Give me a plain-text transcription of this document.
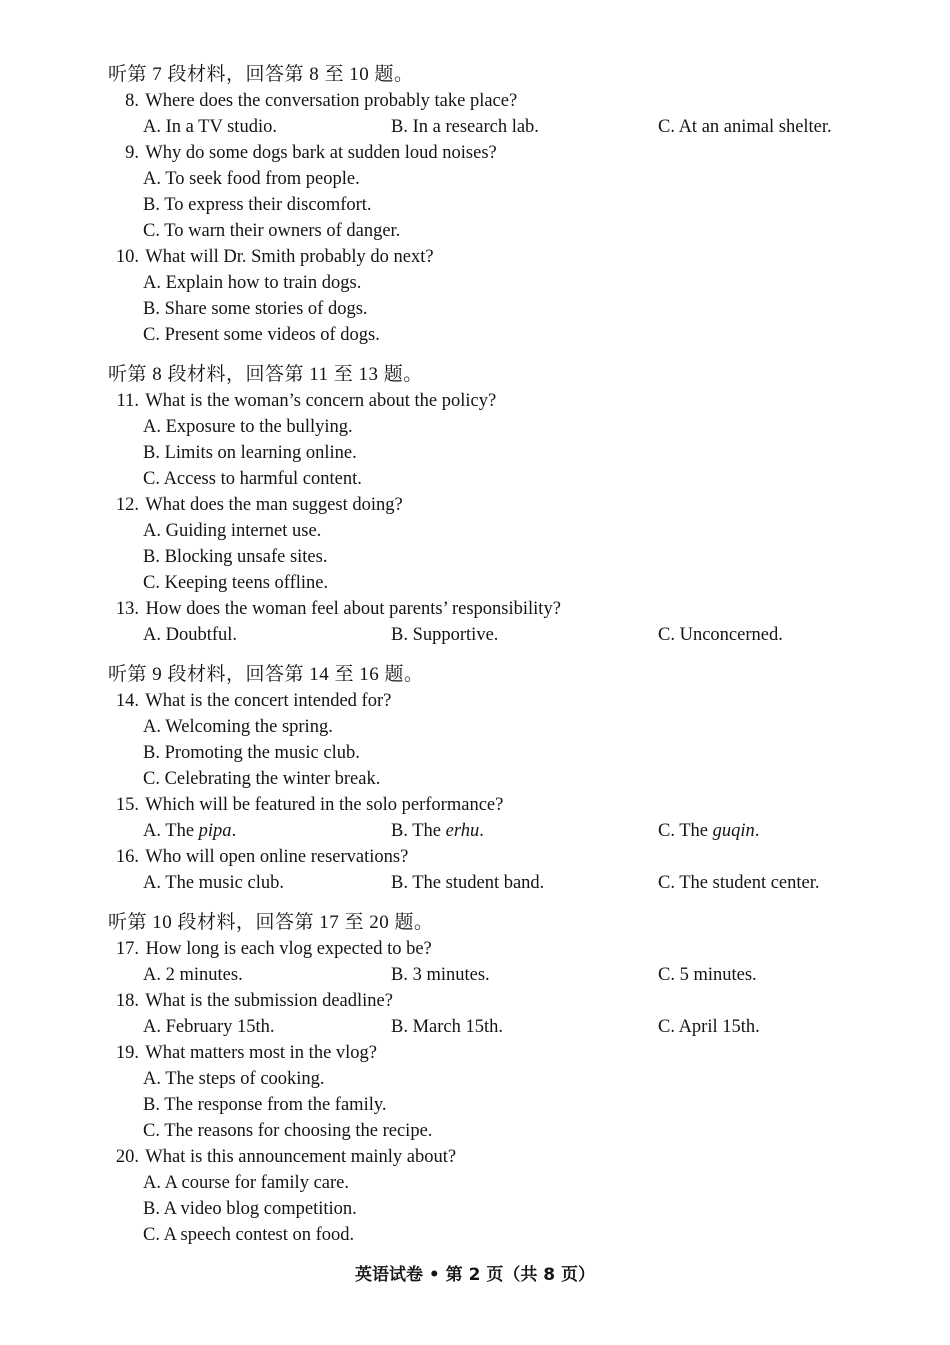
听第 7 段材料，回答第 8 至 10 题。
8. Where does the conversation probably take place?
A. In a TV studio.	B. In a research lab.	C. At an animal shelter.
9. Why do some dogs bark at sudden loud noises?
A. To seek food from people.
B. To express their discomfort.
C. To warn their owners of danger.
10. What will Dr. Smith probably do next?
A. Explain how to train dogs.
B. Share some stories of dogs.
C. Present some videos of dogs.
听第 8 段材料，回答第 11 至 13 题。
11. What is the woman’s concern about the policy?
A. Exposure to the bullying.
B. Limits on learning online.
C. Access to harmful content.
12. What does the man suggest doing?
A. Guiding internet use.
B. Blocking unsafe sites.
C. Keeping teens offline.
13. How does the woman feel about parents’ responsibility?
A. Doubtful.	B. Supportive.	C. Unconcerned.
听第 9 段材料，回答第 14 至 16 题。
14. What is the concert intended for?
A. Welcoming the spring.
B. Promoting the music club.
C. Celebrating the winter break.
15. Which will be featured in the solo performance?
A. The pipa.	B. The erhu.	C. The guqin.
16. Who will open online reservations?
A. The music club.	B. The student band.	C. The student center.
听第 10 段材料，回答第 17 至 20 题。
17. How long is each vlog expected to be?
A. 2 minutes.	B. 3 minutes.	C. 5 minutes.
18. What is the submission deadline?
A. February 15th.	B. March 15th.	C. April 15th.
19. What matters most in the vlog?
A. The steps of cooking.
B. The response from the family.
C. The reasons for choosing the recipe.
20. What is this announcement mainly about?
A. A course for family care.
B. A video blog competition.
C. A speech contest on food.
英语试卷 • 第 2 页（共 8 页）
